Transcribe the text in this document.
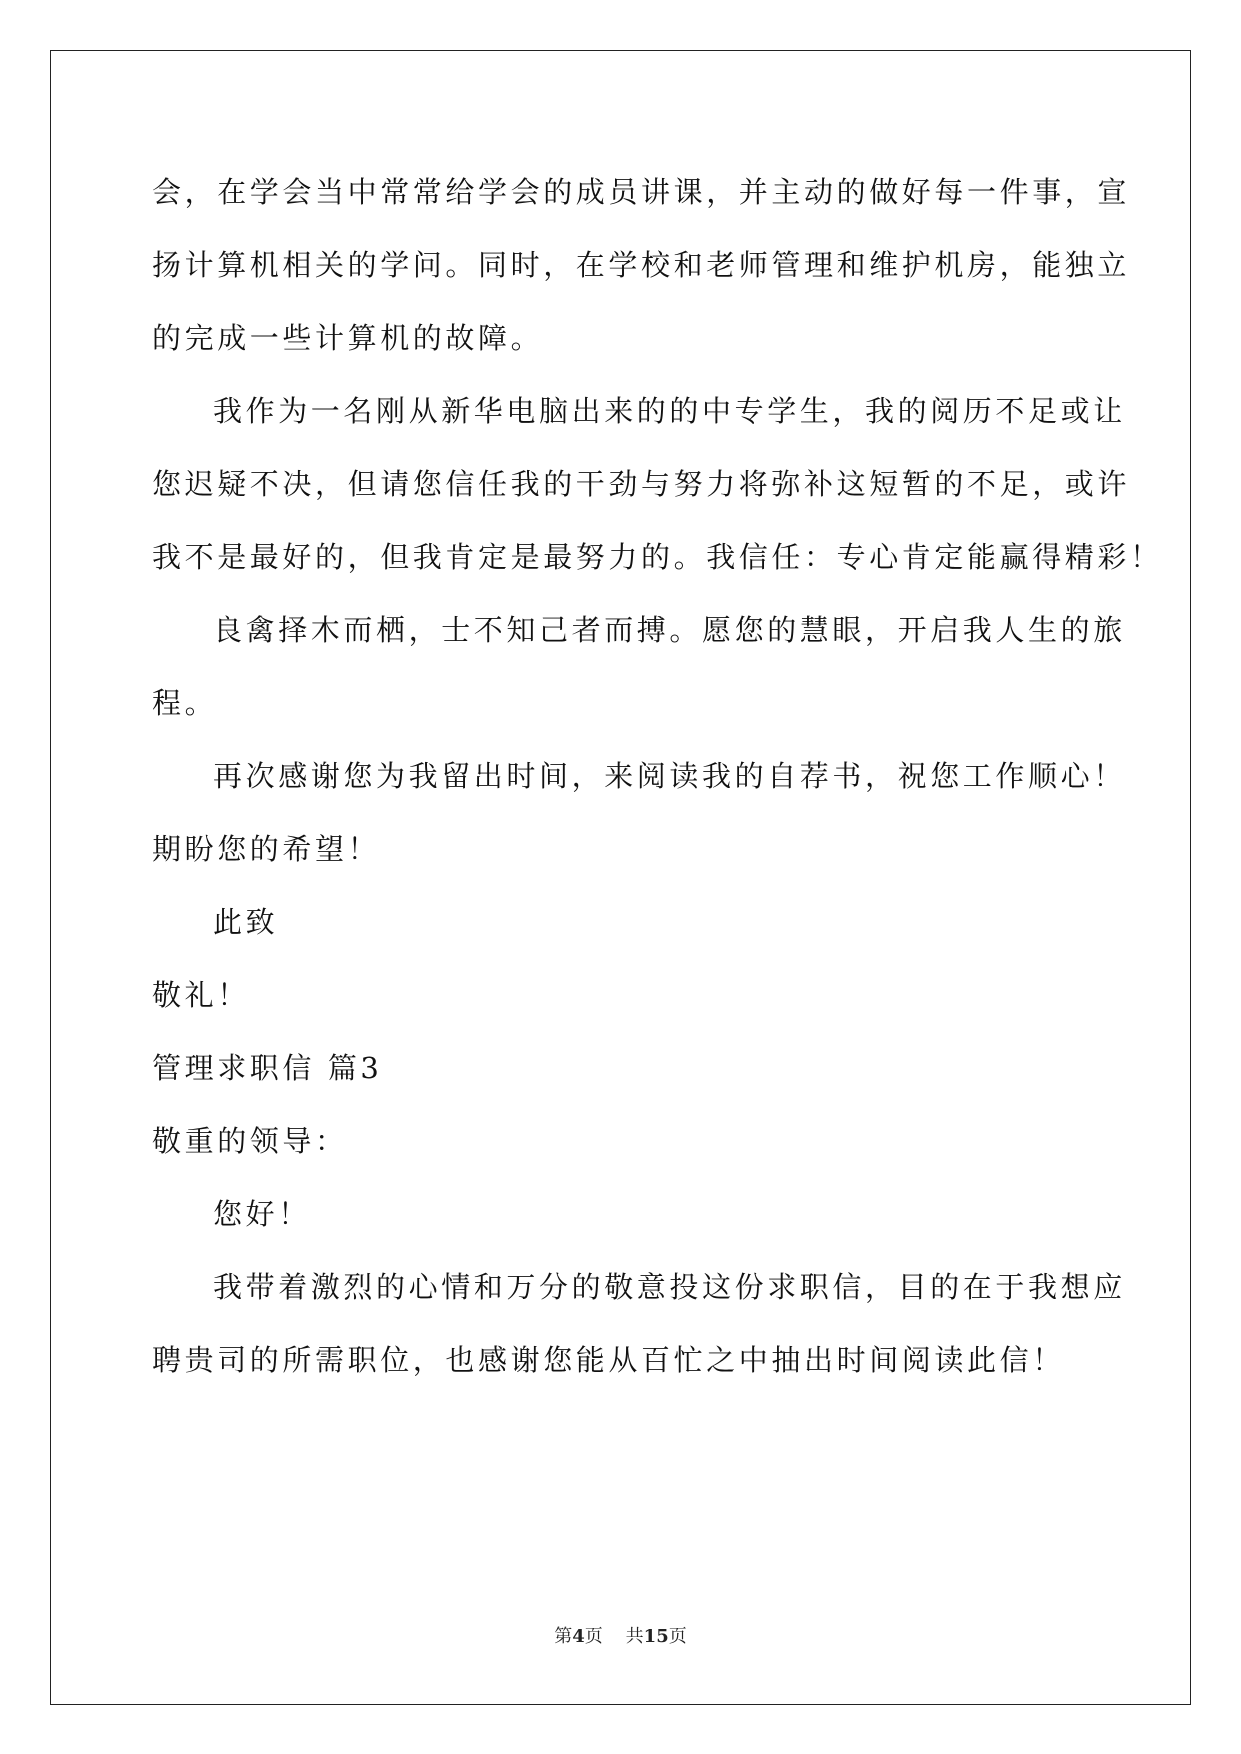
会，在学会当中常常给学会的成员讲课，并主动的做好每一件事，宣
扬计算机相关的学问。同时，在学校和老师管理和维护机房，能独立
的完成一些计算机的故障。
我作为一名刚从新华电脑出来的的中专学生，我的阅历不足或让
您迟疑不决，但请您信任我的干劲与努力将弥补这短暂的不足，或许
我不是最好的，但我肯定是最努力的。我信任：专心肯定能赢得精彩！
良禽择木而栖，士不知己者而搏。愿您的慧眼，开启我人生的旅
程。
再次感谢您为我留出时间，来阅读我的自荐书，祝您工作顺心！
期盼您的希望！
此致
敬礼！
管理求职信 篇3
敬重的领导：
您好！
我带着激烈的心情和万分的敬意投这份求职信，目的在于我想应
聘贵司的所需职位，也感谢您能从百忙之中抽出时间阅读此信！
第4页 共15页
